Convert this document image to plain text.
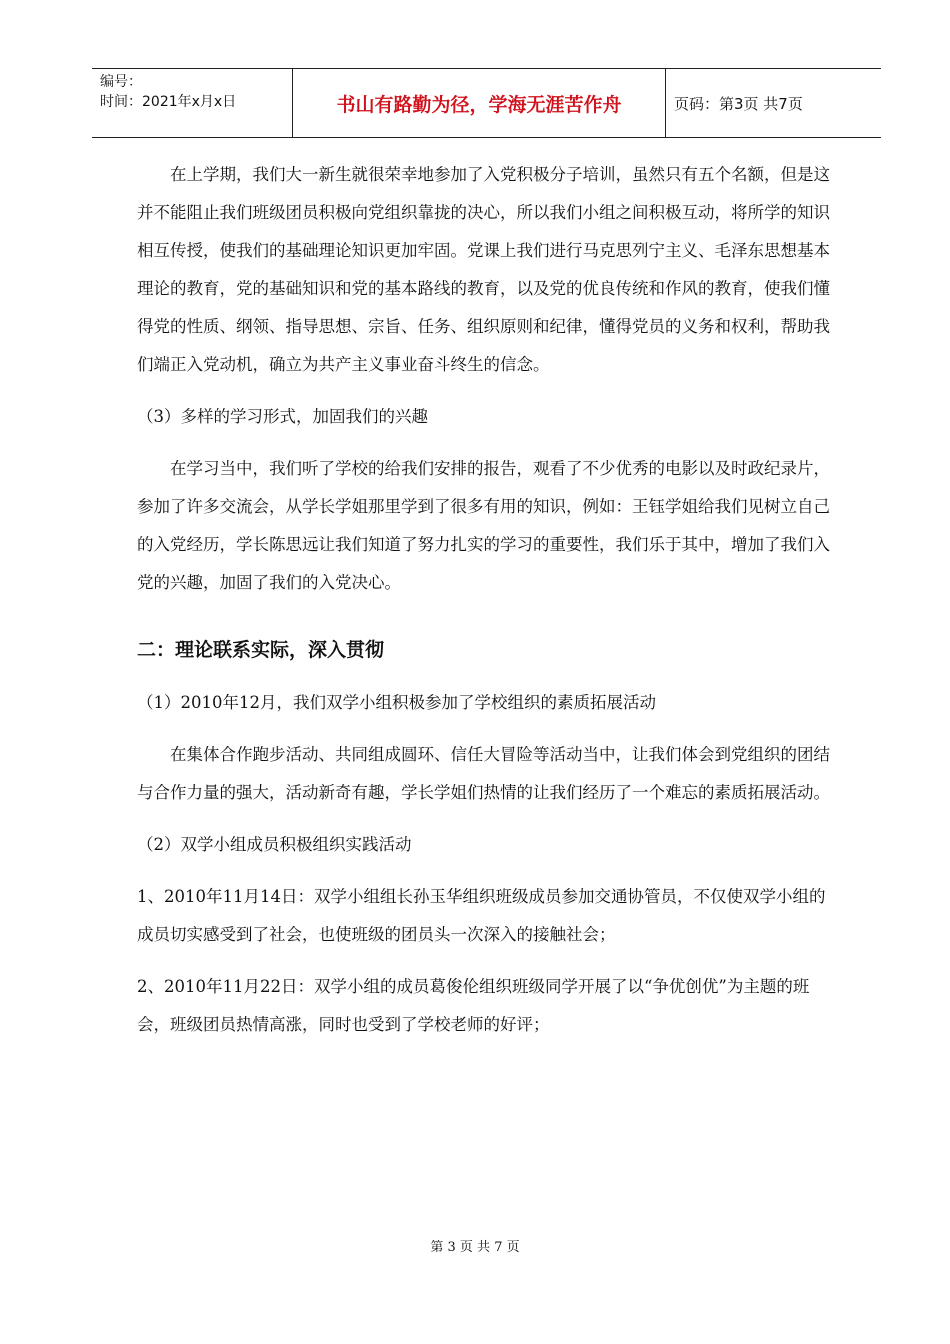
编号：
时间：2021年x月x日	书山有路勤为径，学海无涯苦作舟	页码：第3页 共7页

在上学期，我们大一新生就很荣幸地参加了入党积极分子培训，虽然只有五个名额，但是这并不能阻止我们班级团员积极向党组织靠拢的决心，所以我们小组之间积极互动，将所学的知识相互传授，使我们的基础理论知识更加牢固。党课上我们进行马克思列宁主义、毛泽东思想基本理论的教育，党的基础知识和党的基本路线的教育，以及党的优良传统和作风的教育，使我们懂得党的性质、纲领、指导思想、宗旨、任务、组织原则和纪律，懂得党员的义务和权利，帮助我们端正入党动机，确立为共产主义事业奋斗终生的信念。

（3）多样的学习形式，加固我们的兴趣

在学习当中，我们听了学校的给我们安排的报告，观看了不少优秀的电影以及时政纪录片，参加了许多交流会，从学长学姐那里学到了很多有用的知识，例如：王钰学姐给我们见树立自己的入党经历，学长陈思远让我们知道了努力扎实的学习的重要性，我们乐于其中，增加了我们入党的兴趣，加固了我们的入党决心。

二：理论联系实际，深入贯彻

（1）2010年12月，我们双学小组积极参加了学校组织的素质拓展活动

在集体合作跑步活动、共同组成圆环、信任大冒险等活动当中，让我们体会到党组织的团结与合作力量的强大，活动新奇有趣，学长学姐们热情的让我们经历了一个难忘的素质拓展活动。

（2）双学小组成员积极组织实践活动

1、2010年11月14日：双学小组组长孙玉华组织班级成员参加交通协管员，不仅使双学小组的成员切实感受到了社会，也使班级的团员头一次深入的接触社会；

2、2010年11月22日：双学小组的成员葛俊伦组织班级同学开展了以“争优创优”为主题的班会，班级团员热情高涨，同时也受到了学校老师的好评；

第 3 页 共 7 页
